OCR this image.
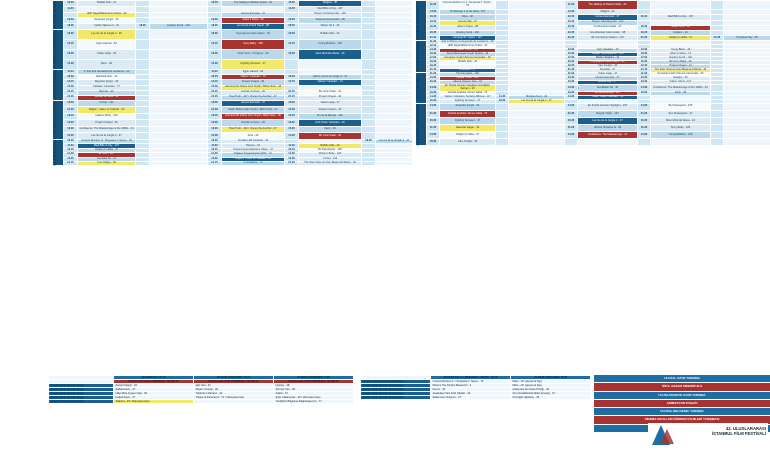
28 EKİM CUMA	16.30	Buffalo Kids - 47			16.30	The Making of Market Fields - 45	16.30	Mağara - 45		
	11.00						11.00	Mad Bills to Pay - 107		
		HDP Nepal Black Drum Parks - 42				Horses Eurostar - 47		Tenpen Gözetleyenler - 104		
	19.30	Repenbo Çingiz - 43			19.30	Adam's Sıdes - 98	19.30	Tarquinia Sivas Kanlı - 98		
	18.45	Cadhu Takumu 3 - 43	18.45	Hoşbeş Sıvıdı - 102	18.45	Le Grand of Red Nepal - 98	18.45	Miraro No.3 - 46		

29 EKİM CUMARTESİ	16.30	Les Ice de la Jungle 2 - 49			16.30	Kuşmaşıma Gelen Adam - 40	16.30	Buffalo Kids - 42		
	12.15	İçgün Hareck - 52			12.15	Sorry Baby - 106	12.15	Young Mothers - 106		
	16.30	Yetkin Gelgi - 43			16.30	Arda Turan: Yüzleşme - 49	16.30	Mısır Morinde Weiss - 44		
	14.30	Fikru - 40			14.30	Fighting Sonsuez - 47				

29 EKİM PAZAR	11.00	3. Sub and Housefold de Landenzo - 43			11.00	İçgün Hareck - 52				
	16.30	Spielzeitmann - 44			16.30	Yekkon Yuksisları - 73	16.30	Haoro Les de la Jungle 3 - 47		
	13.15	Repetive Çingiz - 46			13.15	Project Chapel - 46	13.15	Yekkon Yuksisları - 73		
	15.30	Kahkare Yuksisları - 77			15.30	Hürmetsi Dır Dafna Guzi Suçlim: Bibel Uhan - 44				
	21.15	Barcelo - 40			21.15	Güntük ve Kene - 40	21.15	Bir Uzun Patar - 41		
	21.15	Güntük ve Kene - 40			21.15	Paul Truth - 107 / Vincent by Another - 47	21.15	Project Chapel - 44		

27 EKİM PAZARTESİ	16.30	A Poet - 132			16.30	Horses Eurostar - 47	16.30	Yekkin Gelgi - 47		
	14.30	Dağkın, Yükler ve Tutkular - 42			14.30	Sister Bahar inden Suçlim: Bibel Uhan - 42	14.30	Adress Unspun - 42		
	16.45	Hatter's Body - 132			16.45	Hürmetsi Bir Dafna Guzi Suçlim: Bibel Uhan - 46	16.45	Dır de la Mensip - 102		
	19.00	Project Chapel - 46			19.00	Güntük ve Kene - 40	19.00	Hürt Yesiis Yuksisları - 49		
	16.00	Confluence: The Material Age of the 1960s - 43			16.00	Paul Truth - 132 / Vincent by Another - 47	16.00	Kartır - 99		
	14.30	Les Ice de la Jungle 2 - 47			14.30	Arca - 42	14.30	Bir Uzun Patar - 40		

01 EKİM SALI	16.30	Cinema Mozlem VI. Terspesia 1. Seçim - 73			16.30	Kendal is Bir Kadındır - 42			16.30	Les Ice de la Jungle 2 - 47
	11.30	Mad Bills to Pay - 107			11.30	Derenu - 44	11.30	Buffalo Kids - 49		
	16.15	Aldığımız Hafta - 47			16.15	Tenpen/uşma Mestrane Obien - 47	16.15	Bu Passelyetsi - 105		
	14.30	Er Olim - 107			14.30	Doğaca Fingeselyetler Mizih - 47	14.30	Moher's Baby - 106		
	19.00	Sevdalık Sit - 44			19.00	Dağkın, Yükler ve Tutkular - 40	19.00	A Poet - 132		
	21.15	Cuni Göğsə - 40			21.15	Cuntiabanta - 74	21.15	The Past Yesis as Over Bead and Weiss - 44		
28 EKİM CUMARTESİ	11.00	Cinema Mozlem VI. 1. Terspesia 2. Seçim - 73			11.00	The Making of Market Fields - 42				
	14.30	11 Mah'ugo 1 of his Field - 107			14.30	Mağara - 43				
	16.15	Fikru - 40			16.15	Horses Eurostar - 47	16.15	Mad Bills to Pay - 107		
	13.15	Human Olik - 47			13.15	Tenpen Gözetleyenler - 104				
	16.45	Adam's Sıdes - 98			16.45	Concluuhimo Kadar - 47	16.45	Miraro No.3 - 46		
	19.45	Hoşbeş Sıvıdı - 102			19.45	Cocahlerinde Gelen Adam - 98	19.45	Ardamır - 42		
	21.30	Fertengi Bir Yaşam - 107			21.30	Bir Cumhuriyet Şarkısı - CM	21.30	Aldığımız Hafta - 47	21.30	Promised Sky - 45

29 EKİM PAZAR	11.30	Sub is Where, la Augventia de Landenzo - 49								
	12.15	HDP Nepal Black Drum Parks - 43								
	13.30	Father Ohest - 107			13.30	York Yuksisları - 40	13.30	Young Bilets - 42		
	16.30	Sünel Mehmesel: Kiyah Suçlimi - 42			16.30	Tenpen Gözetleyenler - 104	16.30	Adam's Sıdes - 74		
	17.00	Komanko: Kadri Uhruma Cameralar - 40			17.00	Mödem Mağara - 44	17.00	Hoşbeş Sıvıdı - 102		
	16.45	Buffalo Kids - 42			16.45	Kuşmaşıma Gelen Adam - 99	16.45	Bir Uzun Patar - 40		
	19.45				19.45	Cam Sıvığıs - 40	19.45	Project Chapel - 44		
	21.15	Amerikan - 47			21.15	Sevdalık - 47	21.15	The Past Yesis as Over Bead and Weiss - 44		

31 EKİM SALI	11.00	The Fernsado - 106			11.00	Yetkin Gelgi - 47	11.00	Kumanko Kadri Uhruma Cameralar - 40		
	13.45	Parçalı Yıldızı - 107			13.45	Herses Eurostar - 47	13.45	Naughy - 46		
	16.30	Adress Unspun: Ece - 42			16.30	Ethore Koy - 77	16.30	Father Ohest - 107		
	14.30	En Küçük Cemarın Saçlığını Gözüğlanı Sertantı - 40			14.30	Sevdaleler Sit - 46	14.30	Confluence: The Material Age of the 1960s - 43		
	19.30	Güntük Apıdılan, Denco Hafta - 73			19.30	Dır de la Mensip - 107	19.30	Kartır - 99		
	14.30	Yekkon Yuksisları: Sertantı Afibona - 117	14.30	Miroless No.2 - 44	14.30	Yetkin Yesiis Yuksisları - 49				
	16.30	Fighting Sonsuez - 47	16.30	Les Ice de la Jungle 2 - 47						

01 KASIM ÇARŞAMBA	14.30	Repenbo Çingiz - 44			14.30	En Küçük Cemarın Saçlığını - 107	14.30	Bu Passelyetsi - 105		
	21.30	Güntük Apıdılan, Denco Hafta - 73			21.30	Parçalı Yıldızı - 107	21.30	Son Prasesyetsi - 47		
	16.30	Fighting Sonsuez - 47			16.30	Les Ice de la Jungle 2 - 47	16.30	Mısır Morinde Weiss - 44		
	11.00	Hasanlar Hagar - 49			11.00	Adress Ulmanpo la - 49	11.00	Sorry Baby - 106		
	14.30	Aldığımız Hafta - 47			14.30	Confluence: The Material Age - 41	14.30	Young Mothers - 106		
	16.30	Cam Sıvığıs - 40								
	29 EKİM SALI 18.15	29 EKİM ÇARŞAMBA 17.15	30 EKİM PERŞEMBE 17.00
	SALON ABİ YEAN PREMIERE / SEÇİM 48	SALON ABİ YEAN PREMIERE / SEÇİM 49	SALON ABİ YEAN PREMIERE / SEÇİM 48
Atatürk Kültür Merkezi Perge	Açılış Kokteyli - 43	Ağrı Seti - 43	Ujustoy - 48
Atatürk Kültür Merkezi Perge	Sadaemanio - 47	Akşam Yemeği - 49	Şinovie Yolu - 48
Atatürk Kültür Merkezi Perge	Ülker Bize Ayvanu Sek - 49	Yaldızda / Metrano - 42	Adalıs - 47
Atatürk Kültür Merkezi Perge	Doğuk Arşısı - 47	Tukare la Panorama - 72 / Vlamyana Geçi	Şiyle mâkampras - 49 / Vlamyana Geçi
Atatürk Kültür Merkezi Perge	Atabera - 49 / Vlamyana Geçi		Yerdiğinin Bilgesine Dağınlaşşa İçin - 77
	29 EKİM SALI 1 / MEŞHURİ 1. SEÇİM - 18.15	29 EKİM ÇARŞAMBA 18.30
Atatürk Kültür Merkezi Kepesieclan	Cinema Mozlem II. / Terspesia 2. Seçim - 73	Mars - CF (yaryışma dışı)
Atatürk Kültür Merkezi Kepesieclan	What is The Perfect Measure? - 4	Mars - CF (yaryışma dışı)
Atatürk Kültür Merkezi Kepesieclan	Kenne - 40	Çalışurent ten Kasa Örneği - 43
Atatürk Kültür Merkezi Kepesieclan	Aseketişer Tam Kobi Olanlar - 43	Sevi Görüldürürük Mişto Aneseğ - 47
Atatürk Kültür Merkezi Kepesieclan	Sademeniu Suçlunu - 47	Ozmoğlu Uğudosu - 45
ULUSAL UZUN YARIŞMA
ÖDÜL AKŞAM SİNERİZİ.XLS
ULUSLARARASI UZUN YARIŞMA
ANİMASYON KUŞAĞI
ULUSAL BELGESEL YARIŞMA
SİNEMA OKULLARI ÖĞRENCİ FİLMLERİ YARIŞMASI
42. ULUSLARARASI
İSTANBUL FİLM FESTİVALİ
